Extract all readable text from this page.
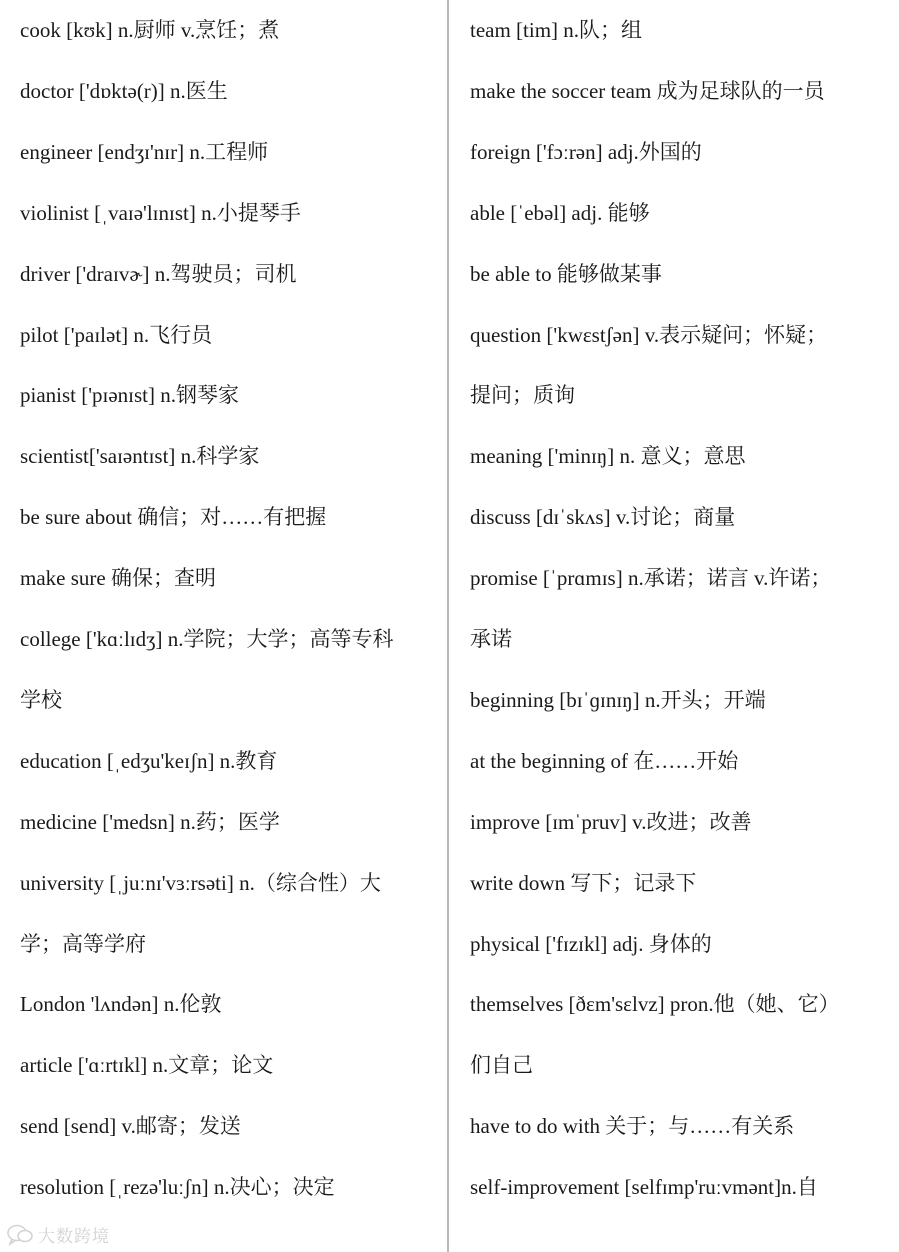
cook [kʊk] n.厨师 v.烹饪；煮
doctor ['dɒktə(r)] n.医生
engineer [endʒɪ'nɪr] n.工程师
violinist [ˌvaɪə'lɪnɪst] n.小提琴手
driver ['draɪvɚ] n.驾驶员；司机
pilot ['paɪlət] n.飞行员
pianist ['pɪənɪst] n.钢琴家
scientist['saɪəntɪst] n.科学家
be sure about 确信；对……有把握
make sure 确保；查明
college ['kɑːlɪdʒ] n.学院；大学；高等专科
学校
education [ˌedʒu'keɪʃn] n.教育
medicine ['medsn] n.药；医学
university [ˌjuːnɪ'vɜːrsəti] n.（综合性）大
学；高等学府
London 'lʌndən] n.伦敦
article ['ɑːrtɪkl] n.文章；论文
send [send] v.邮寄；发送
resolution [ˌrezə'luːʃn] n.决心；决定
team [tim] n.队；组
make the soccer team 成为足球队的一员
foreign ['fɔːrən] adj.外国的
able [ˈebəl] adj. 能够
be able to 能够做某事
question ['kwɛstʃən] v.表示疑问；怀疑；
提问；质询
meaning ['minɪŋ] n. 意义；意思
discuss [dɪˈskʌs] v.讨论；商量
promise [ˈprɑmɪs] n.承诺；诺言 v.许诺；
承诺
beginning [bɪˈɡɪnɪŋ] n.开头；开端
at the beginning of 在……开始
improve [ɪmˈpruv] v.改进；改善
write down 写下；记录下
physical ['fɪzɪkl] adj. 身体的
themselves [ðɛm'sɛlvz] pron.他（她、它）
们自己
have to do with 关于；与……有关系
self-improvement [selfɪmp'ruːvmənt]n.自
大数跨境
